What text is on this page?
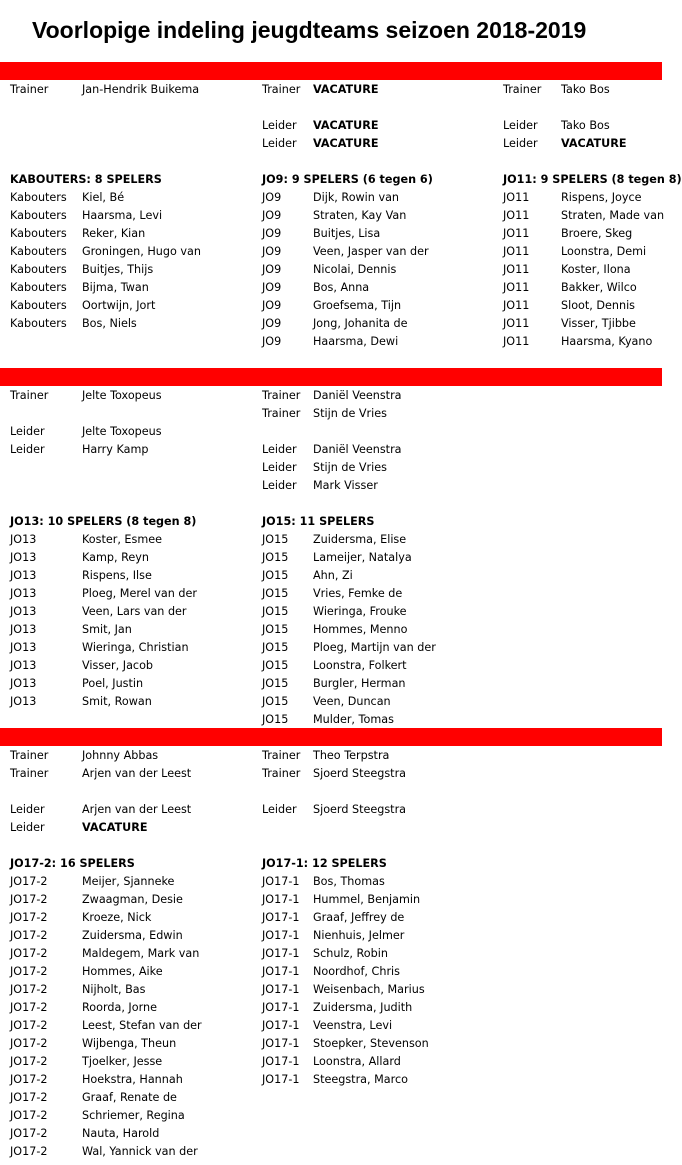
Voorlopige indeling jeugdteams seizoen 2018-2019
Trainer	Jan-Hendrik Buikema
KABOUTERS: 8 SPELERS
Kabouters Kiel, Bé
Kabouters Haarsma, Levi
Kabouters Reker, Kian
Kabouters Groningen, Hugo van
Kabouters Buitjes, Thijs
Kabouters Bijma, Twan
Kabouters Oortwijn, Jort
Kabouters Bos, Niels
Trainer VACATURE
Leider VACATURE
Leider VACATURE
JO9: 9 SPELERS (6 tegen 6)
JO9	Dijk, Rowin van
JO9	Straten, Kay Van
JO9	Buitjes, Lisa
JO9	Veen, Jasper van der
JO9	Nicolai, Dennis
JO9	Bos, Anna
JO9	Groefsema, Tijn
JO9	Jong, Johanita de
JO9	Haarsma, Dewi
Trainer Tako Bos
Leider Tako Bos
Leider VACATURE
JO11: 9 SPELERS (8 tegen 8)
JO11	Rispens, Joyce
JO11	Straten, Made van
JO11	Broere, Skeg
JO11	Loonstra, Demi
JO11	Koster, Ilona
JO11	Bakker, Wilco
JO11	Sloot, Dennis
JO11	Visser, Tjibbe
JO11	Haarsma, Kyano
Trainer	Jelte Toxopeus
Leider	Jelte Toxopeus
Leider	Harry Kamp
JO13: 10 SPELERS (8 tegen 8)
JO13	Koster, Esmee
JO13	Kamp, Reyn
JO13	Rispens, Ilse
JO13	Ploeg, Merel van der
JO13	Veen, Lars van der
JO13	Smit, Jan
JO13	Wieringa, Christian
JO13	Visser, Jacob
JO13	Poel, Justin
JO13	Smit, Rowan
Trainer Daniël Veenstra
Trainer Stijn de Vries
Leider Daniël Veenstra
Leider Stijn de Vries
Leider Mark Visser
JO15: 11 SPELERS
JO15 Zuidersma, Elise
JO15 Lameijer, Natalya
JO15 Ahn, Zi
JO15 Vries, Femke de
JO15 Wieringa, Frouke
JO15 Hommes, Menno
JO15 Ploeg, Martijn van der
JO15 Loonstra, Folkert
JO15 Burgler, Herman
JO15 Veen, Duncan
JO15 Mulder, Tomas
Trainer	Johnny Abbas
Trainer	Arjen van der Leest
Leider	Arjen van der Leest
Leider	VACATURE
JO17-2: 16 SPELERS
JO17-2	Meijer, Sjanneke
JO17-2	Zwaagman, Desie
JO17-2	Kroeze, Nick
JO17-2	Zuidersma, Edwin
JO17-2	Maldegem, Mark van
JO17-2	Hommes, Aike
JO17-2	Nijholt, Bas
JO17-2	Roorda, Jorne
JO17-2	Leest, Stefan van der
JO17-2	Wijbenga, Theun
JO17-2	Tjoelker, Jesse
JO17-2	Hoekstra, Hannah
JO17-2	Graaf, Renate de
JO17-2	Schriemer, Regina
JO17-2	Nauta, Harold
JO17-2	Wal, Yannick van der
Trainer Theo Terpstra
Trainer Sjoerd Steegstra
Leider Sjoerd Steegstra
JO17-1: 12 SPELERS
JO17-1 Bos, Thomas
JO17-1 Hummel, Benjamin
JO17-1 Graaf, Jeffrey de
JO17-1 Nienhuis, Jelmer
JO17-1 Schulz, Robin
JO17-1 Noordhof, Chris
JO17-1 Weisenbach, Marius
JO17-1 Zuidersma, Judith
JO17-1 Veenstra, Levi
JO17-1 Stoepker, Stevenson
JO17-1 Loonstra, Allard
JO17-1 Steegstra, Marco
